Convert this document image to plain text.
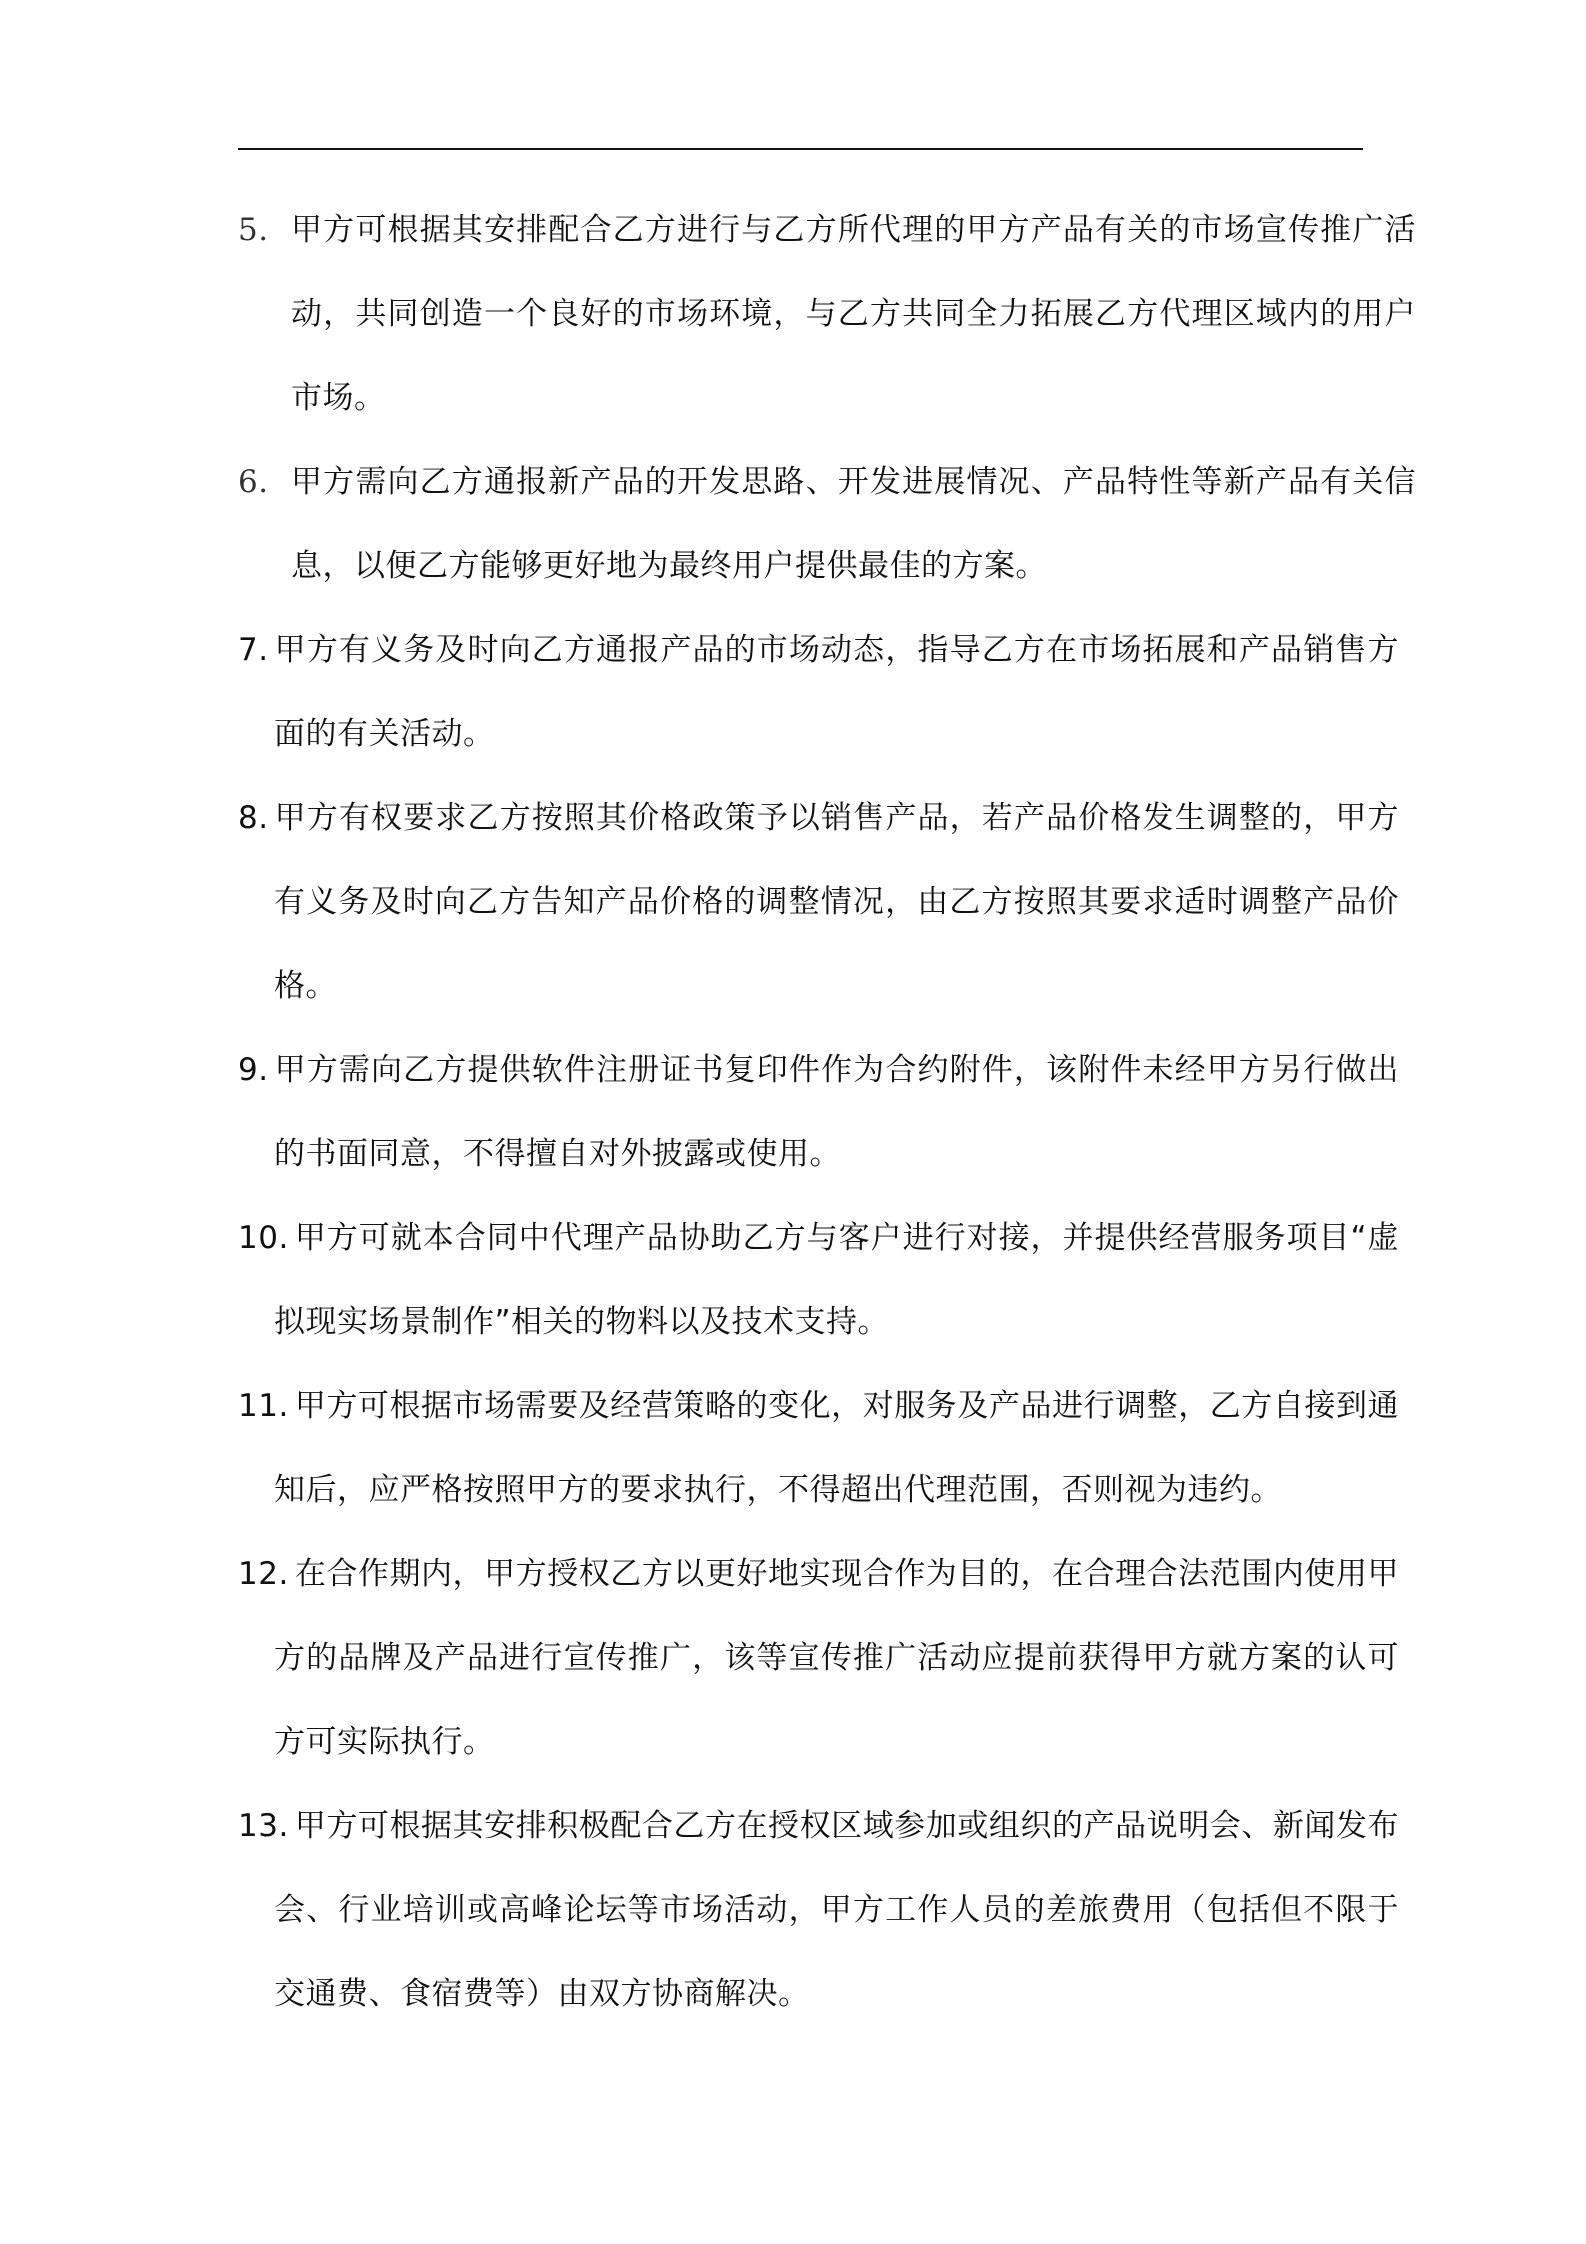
5. 甲方可根据其安排配合乙方进行与乙方所代理的甲方产品有关的市场宣传推广活动，共同创造一个良好的市场环境，与乙方共同全力拓展乙方代理区域内的用户市场。
6. 甲方需向乙方通报新产品的开发思路、开发进展情况、产品特性等新产品有关信息，以便乙方能够更好地为最终用户提供最佳的方案。
7. 甲方有义务及时向乙方通报产品的市场动态，指导乙方在市场拓展和产品销售方面的有关活动。
8. 甲方有权要求乙方按照其价格政策予以销售产品，若产品价格发生调整的，甲方有义务及时向乙方告知产品价格的调整情况，由乙方按照其要求适时调整产品价格。
9. 甲方需向乙方提供软件注册证书复印件作为合约附件，该附件未经甲方另行做出的书面同意，不得擅自对外披露或使用。
10. 甲方可就本合同中代理产品协助乙方与客户进行对接，并提供经营服务项目“虚拟现实场景制作”相关的物料以及技术支持。
11. 甲方可根据市场需要及经营策略的变化，对服务及产品进行调整，乙方自接到通知后，应严格按照甲方的要求执行，不得超出代理范围，否则视为违约。
12. 在合作期内，甲方授权乙方以更好地实现合作为目的，在合理合法范围内使用甲方的品牌及产品进行宣传推广，该等宣传推广活动应提前获得甲方就方案的认可方可实际执行。
13. 甲方可根据其安排积极配合乙方在授权区域参加或组织的产品说明会、新闻发布会、行业培训或高峰论坛等市场活动，甲方工作人员的差旅费用（包括但不限于交通费、食宿费等）由双方协商解决。
